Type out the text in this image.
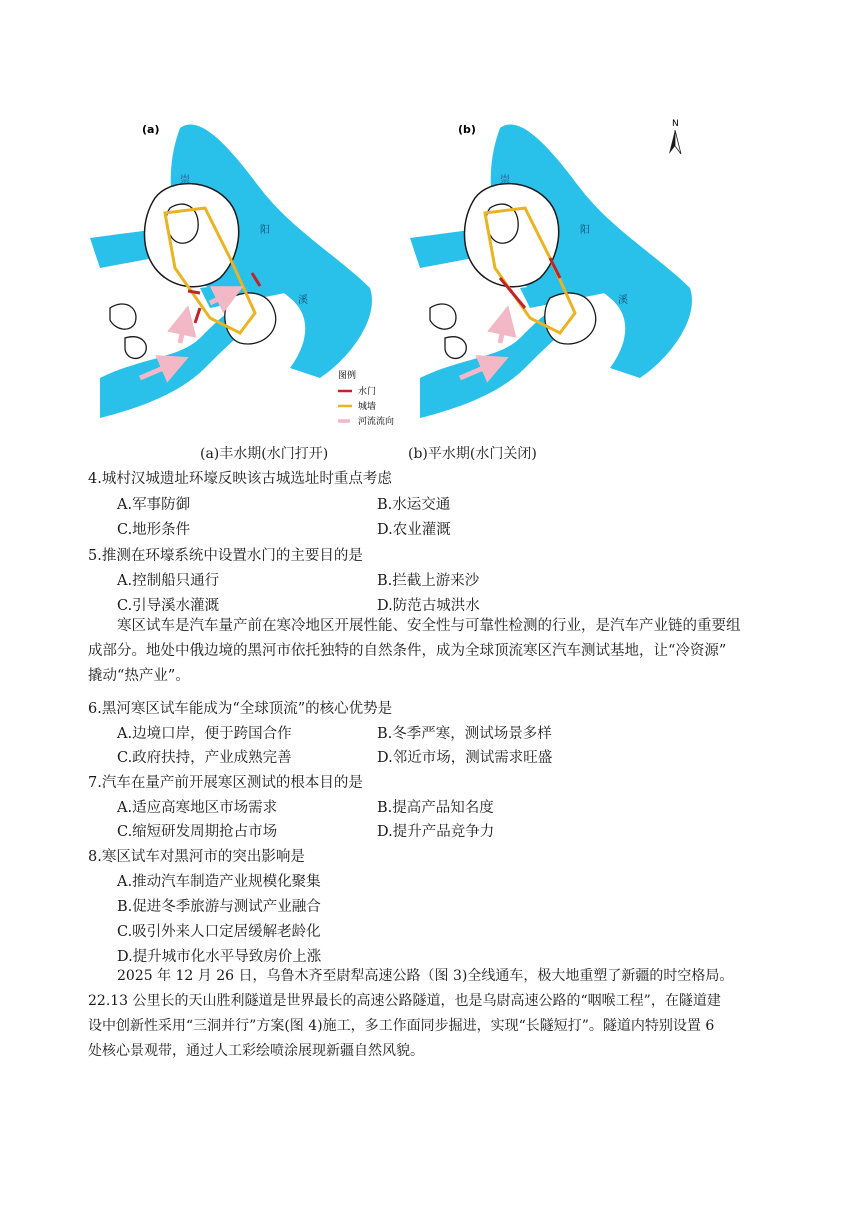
(a)
崇
阳
溪
图例
水门
城墙
河流流向
(b)
崇
阳
溪
N
(a)丰水期(水门打开)	(b)平水期(水门关闭)
4.城村汉城遗址环壕反映该古城选址时重点考虑
A.军事防御	B.水运交通
C.地形条件	D.农业灌溉
5.推测在环壕系统中设置水门的主要目的是
A.控制船只通行	B.拦截上游来沙
C.引导溪水灌溉	D.防范古城洪水
寒区试车是汽车量产前在寒冷地区开展性能、安全性与可靠性检测的行业，是汽车产业链的重要组
成部分。地处中俄边境的黑河市依托独特的自然条件，成为全球顶流寒区汽车测试基地，让“冷资源”
撬动“热产业”。
6.黑河寒区试车能成为“全球顶流”的核心优势是
A.边境口岸，便于跨国合作	B.冬季严寒，测试场景多样
C.政府扶持，产业成熟完善	D.邻近市场，测试需求旺盛
7.汽车在量产前开展寒区测试的根本目的是
A.适应高寒地区市场需求	B.提高产品知名度
C.缩短研发周期抢占市场	D.提升产品竞争力
8.寒区试车对黑河市的突出影响是
A.推动汽车制造产业规模化聚集
B.促进冬季旅游与测试产业融合
C.吸引外来人口定居缓解老龄化
D.提升城市化水平导致房价上涨
2025 年 12 月 26 日，乌鲁木齐至尉犁高速公路（图 3)全线通车，极大地重塑了新疆的时空格局。
22.13 公里长的天山胜利隧道是世界最长的高速公路隧道，也是乌尉高速公路的“咽喉工程”，在隧道建
设中创新性采用“三洞并行”方案(图 4)施工，多工作面同步掘进，实现“长隧短打”。隧道内特别设置 6
处核心景观带，通过人工彩绘喷涂展现新疆自然风貌。
